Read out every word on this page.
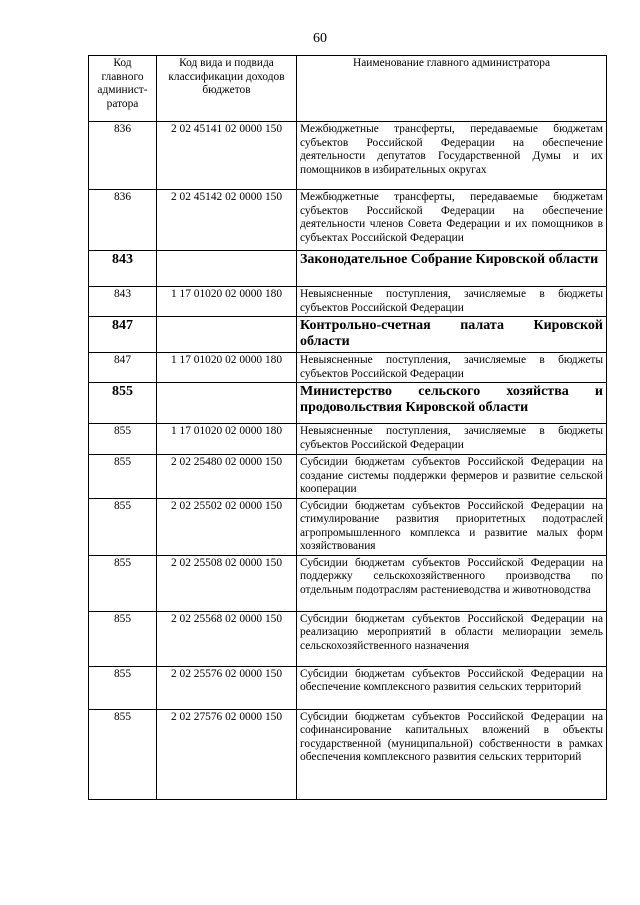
60
Код главного админист-ратора	Код вида и подвида классификации доходов бюджетов	Наименование главного администратора
836	2 02 45141 02 0000 150	Межбюджетные трансферты, передаваемые бюджетам субъектов Российской Федерации на обеспечение деятельности депутатов Государственной Думы и их помощников в избирательных округах
836	2 02 45142 02 0000 150	Межбюджетные трансферты, передаваемые бюджетам субъектов Российской Федерации на обеспечение деятельности членов Совета Федерации и их помощников в субъектах Российской Федерации
843		Законодательное Собрание Кировской области
843	1 17 01020 02 0000 180	Невыясненные поступления, зачисляемые в бюджеты субъектов Российской Федерации
847		Контрольно-счетная палата Кировской области
847	1 17 01020 02 0000 180	Невыясненные поступления, зачисляемые в бюджеты субъектов Российской Федерации
855		Министерство сельского хозяйства и продовольствия Кировской области
855	1 17 01020 02 0000 180	Невыясненные поступления, зачисляемые в бюджеты субъектов Российской Федерации
855	2 02 25480 02 0000 150	Субсидии бюджетам субъектов Российской Федерации на создание системы поддержки фермеров и развитие сельской кооперации
855	2 02 25502 02 0000 150	Субсидии бюджетам субъектов Российской Федерации на стимулирование развития приоритетных подотраслей агропромышленного комплекса и развитие малых форм хозяйствования
855	2 02 25508 02 0000 150	Субсидии бюджетам субъектов Российской Федерации на поддержку сельскохозяйственного производства по отдельным подотраслям растениеводства и животноводства
855	2 02 25568 02 0000 150	Субсидии бюджетам субъектов Российской Федерации на реализацию мероприятий в области мелиорации земель сельскохозяйственного назначения
855	2 02 25576 02 0000 150	Субсидии бюджетам субъектов Российской Федерации на обеспечение комплексного развития сельских территорий
855	2 02 27576 02 0000 150	Субсидии бюджетам субъектов Российской Федерации на софинансирование капитальных вложений в объекты государственной (муниципальной) собственности в рамках обеспечения комплексного развития сельских территорий
